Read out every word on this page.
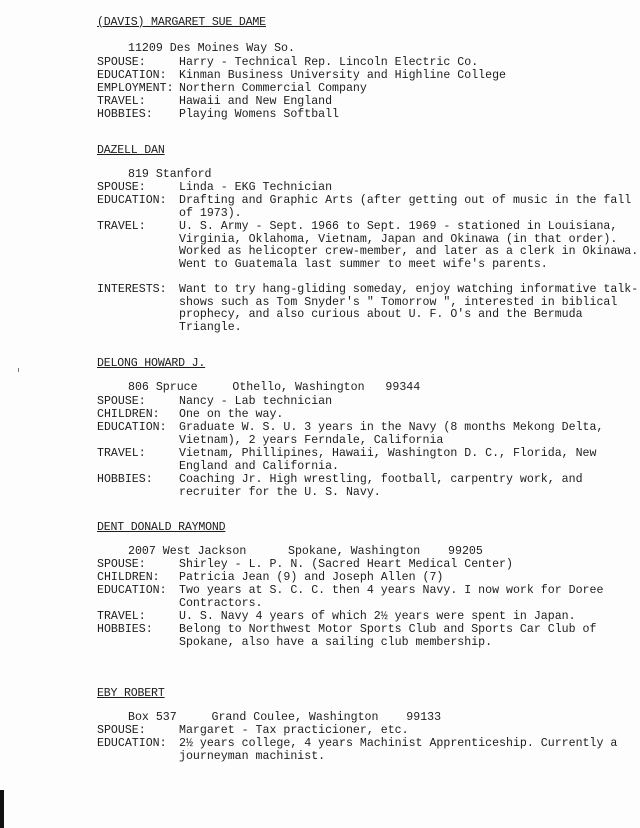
(DAVIS) MARGARET SUE DAME
11209 Des Moines Way So.
SPOUSE:	Harry - Technical Rep. Lincoln Electric Co.
EDUCATION:	Kinman Business University and Highline College
EMPLOYMENT: Northern Commercial Company
TRAVEL:	Hawaii and New England
HOBBIES:	Playing Womens Softball
DAZELL DAN
819 Stanford
SPOUSE:	Linda - EKG Technician
EDUCATION:	Drafting and Graphic Arts (after getting out of music in the fall of 1973).
TRAVEL:	U. S. Army - Sept. 1966 to Sept. 1969 - stationed in Louisiana, Virginia, Oklahoma, Vietnam, Japan and Okinawa (in that order). Worked as helicopter crew-member, and later as a clerk in Okinawa. Went to Guatemala last summer to meet wife's parents.
INTERESTS:	Want to try hang-gliding someday, enjoy watching informative talk-shows such as Tom Snyder's " Tomorrow ", interested in biblical prophecy, and also curious about U. F. O's and the Bermuda Triangle.
DELONG HOWARD J.
806 Spruce     Othello, Washington   99344
SPOUSE:	Nancy - Lab technician
CHILDREN:	One on the way.
EDUCATION:	Graduate W. S. U. 3 years in the Navy (8 months Mekong Delta, Vietnam), 2 years Ferndale, California
TRAVEL:	Vietnam, Phillipines, Hawaii, Washington D. C., Florida, New England and California.
HOBBIES:	Coaching Jr. High wrestling, football, carpentry work, and recruiter for the U. S. Navy.
DENT DONALD RAYMOND
2007 West Jackson      Spokane, Washington    99205
SPOUSE:	Shirley - L. P. N. (Sacred Heart Medical Center)
CHILDREN:	Patricia Jean (9) and Joseph Allen (7)
EDUCATION:	Two years at S. C. C. then 4 years Navy. I now work for Doree Contractors.
TRAVEL:	U. S. Navy 4 years of which 2½ years were spent in Japan.
HOBBIES:	Belong to Northwest Motor Sports Club and Sports Car Club of Spokane, also have a sailing club membership.
EBY ROBERT
Box 537     Grand Coulee, Washington    99133
SPOUSE:	Margaret - Tax practicioner, etc.
EDUCATION:	2½ years college, 4 years Machinist Apprenticeship. Currently a journeyman machinist.
